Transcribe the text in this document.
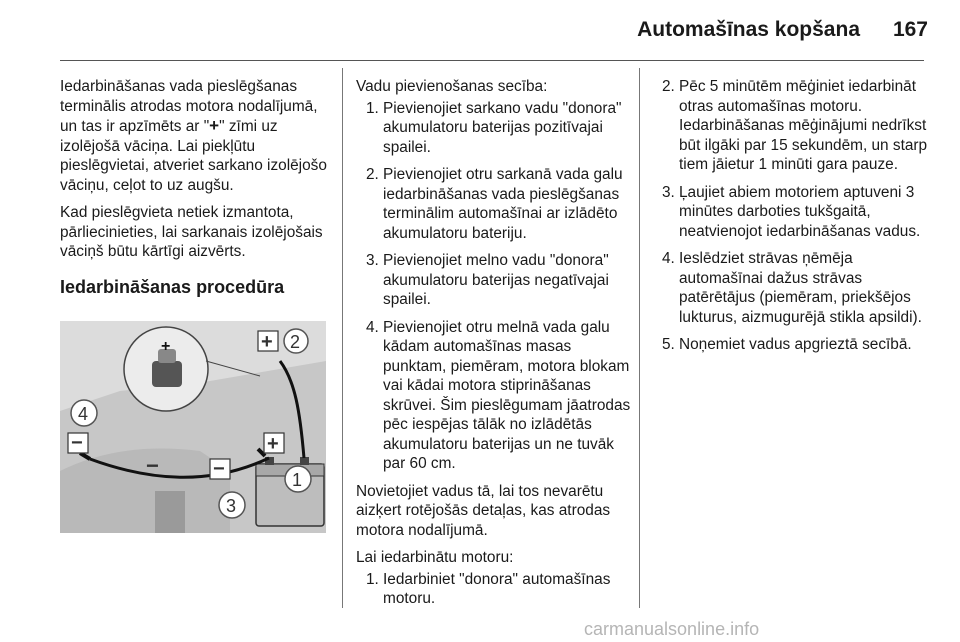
Automašīnas kopšana	167

Iedarbināšanas vada pieslēgšanas terminālis atrodas motora nodalījumā, un tas ir apzīmēts ar "+" zīmi uz izolējošā vāciņa. Lai piekļūtu pieslēgvietai, atveriet sarkano izolējošo vāciņu, ceļot to uz augšu.

Kad pieslēgvieta netiek izmantota, pārliecinieties, lai sarkanais izolējošais vāciņš būtu kārtīgi aizvērts.

Iedarbināšanas procedūra

+	+
+
−
−
−
2
4
1
3

Vadu pievienošanas secība:

1. Pievienojiet sarkano vadu "donora" akumulatoru baterijas pozitīvajai spailei.
2. Pievienojiet otru sarkanā vada galu iedarbināšanas vada pieslēgšanas terminālim automašīnai ar izlādēto akumulatoru bateriju.
3. Pievienojiet melno vadu "donora" akumulatoru baterijas negatīvajai spailei.
4. Pievienojiet otru melnā vada galu kādam automašīnas masas punktam, piemēram, motora blokam vai kādai motora stiprināšanas skrūvei. Šim pieslēgumam jāatrodas pēc iespējas tālāk no izlādētās akumulatoru baterijas un ne tuvāk par 60 cm.

Novietojiet vadus tā, lai tos nevarētu aizķert rotējošās detaļas, kas atrodas motora nodalījumā.

Lai iedarbinātu motoru:

1. Iedarbiniet "donora" automašīnas motoru.
2. Pēc 5 minūtēm mēģiniet iedarbināt otras automašīnas motoru. Iedarbināšanas mēģinājumi nedrīkst būt ilgāki par 15 sekundēm, un starp tiem jāietur 1 minūti gara pauze.
3. Ļaujiet abiem motoriem aptuveni 3 minūtes darboties tukšgaitā, neatvienojot iedarbināšanas vadus.
4. Ieslēdziet strāvas ņēmēja automašīnai dažus strāvas patērētājus (piemēram, priekšējos lukturus, aizmugurējā stikla apsildi).
5. Noņemiet vadus apgrieztā secībā.
carmanualsonline.info
